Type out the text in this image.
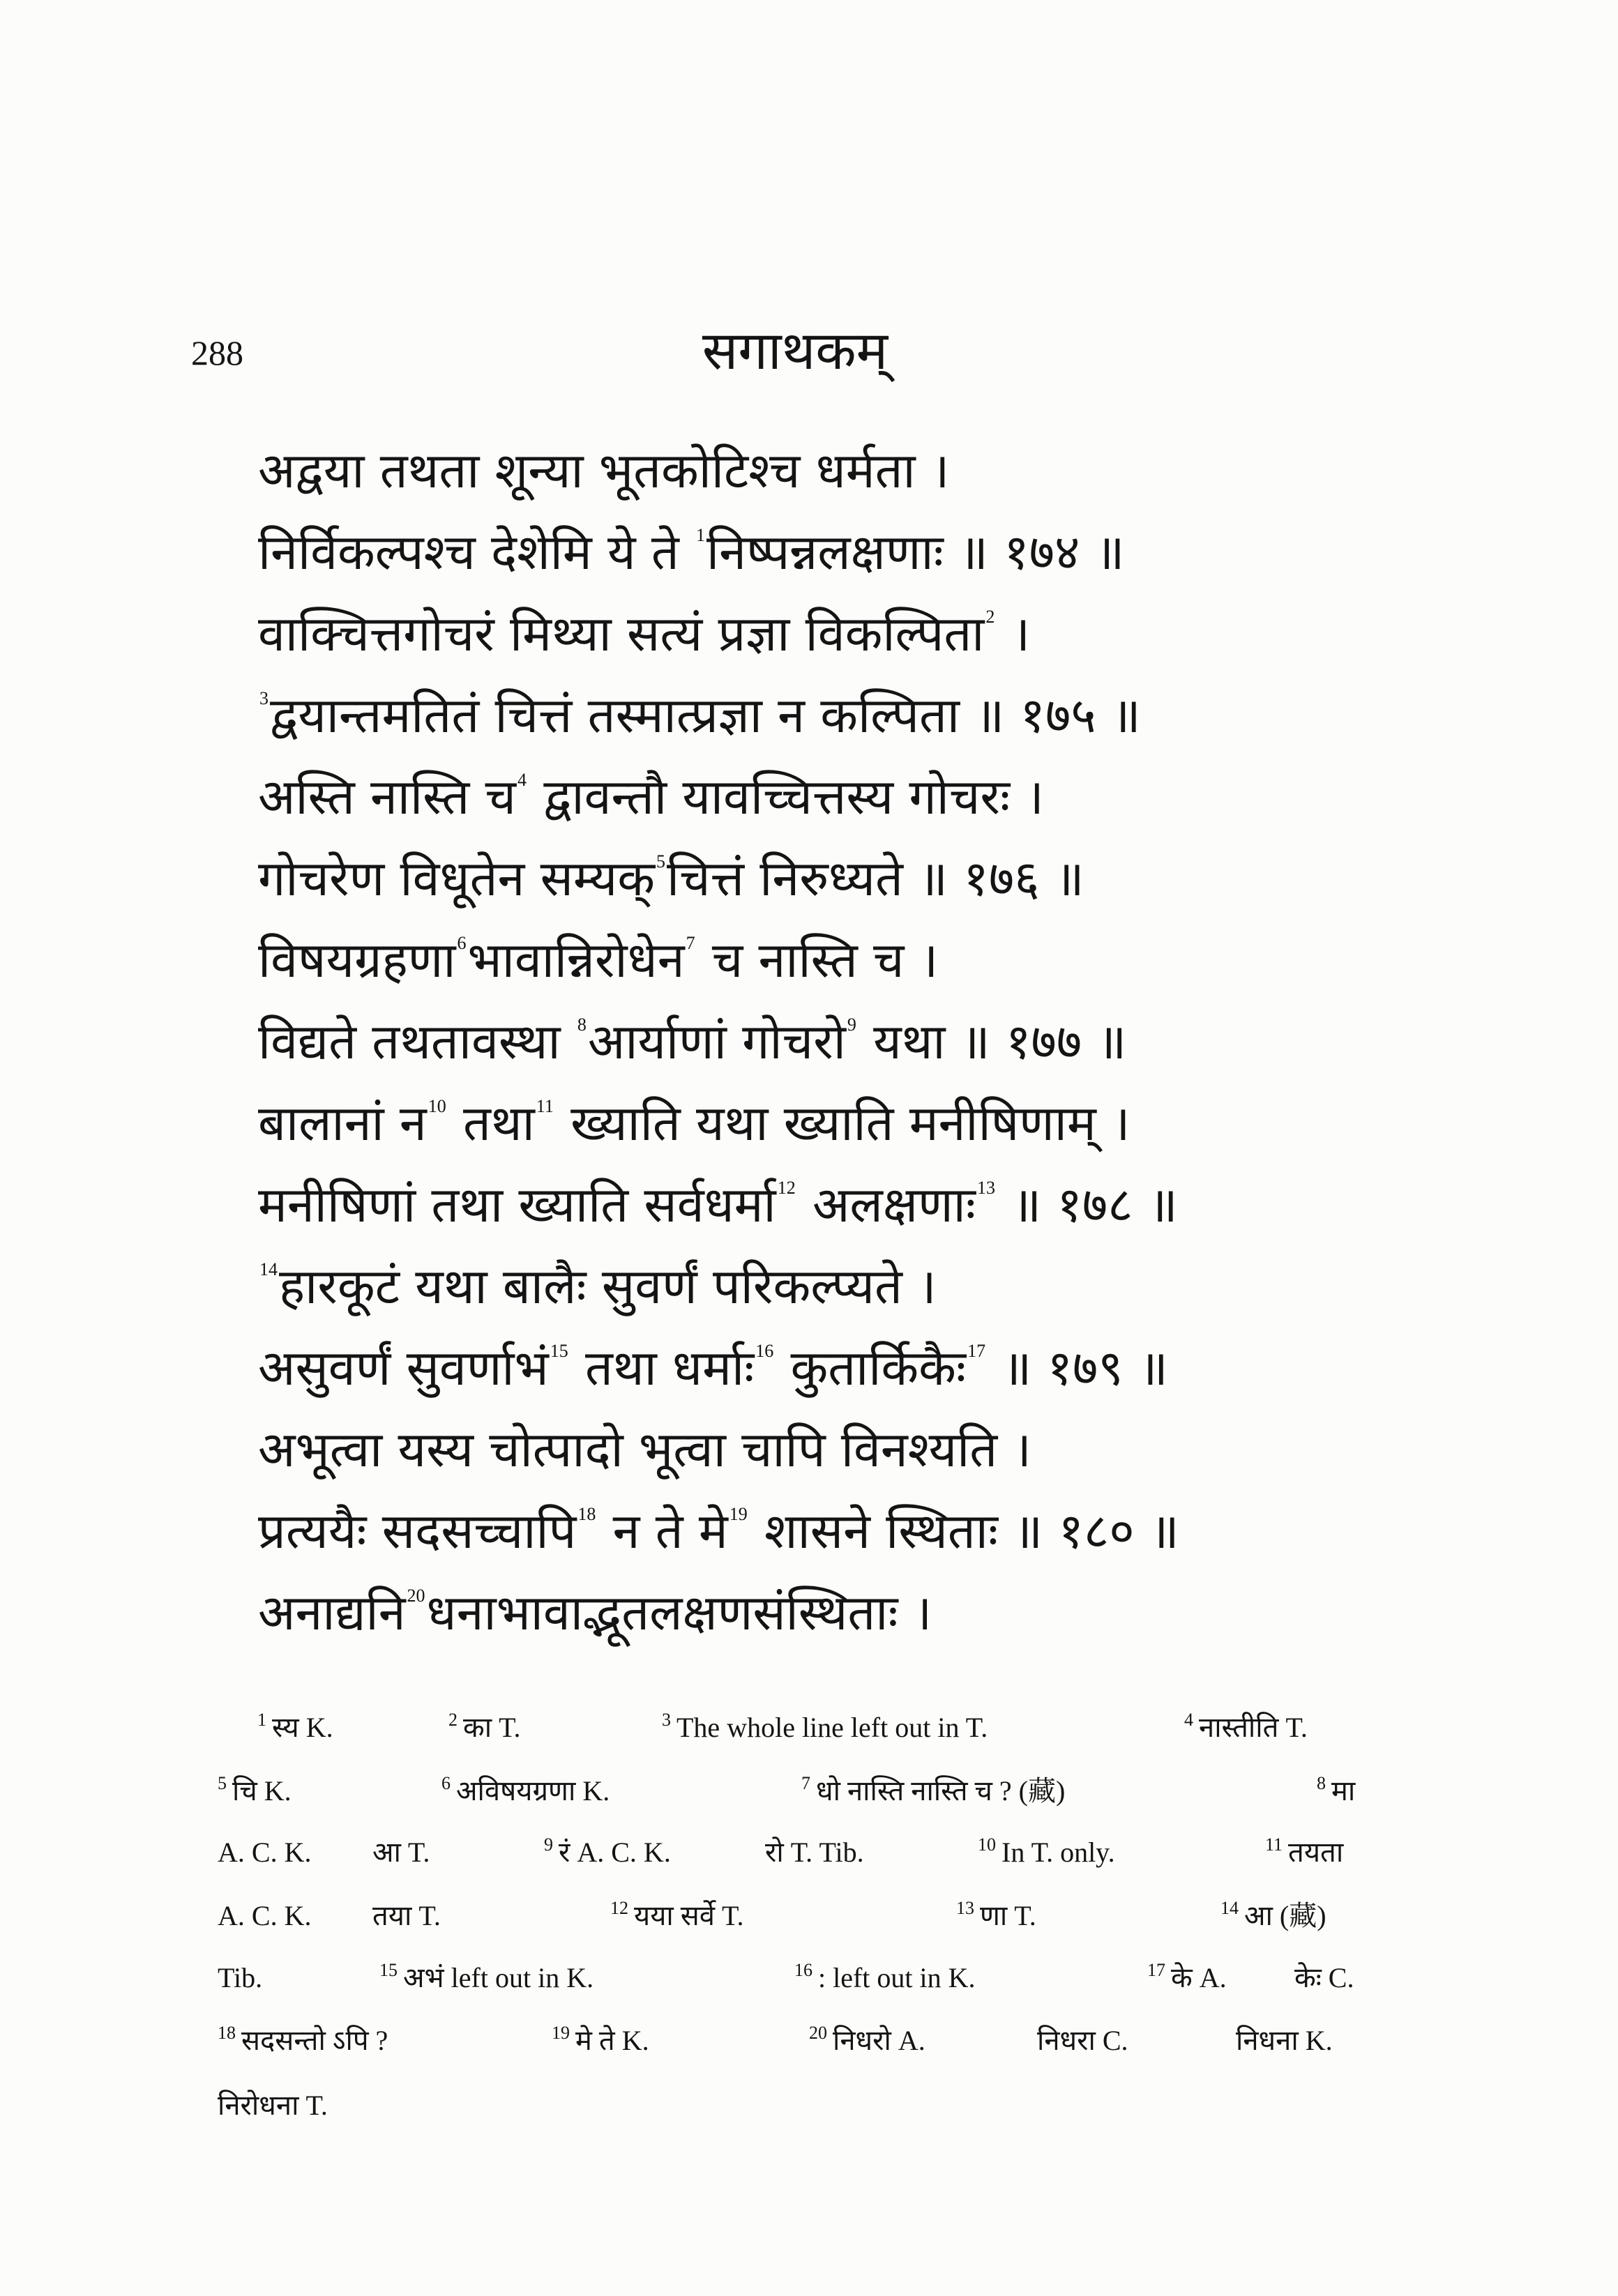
288	सगाथकम्
अद्वया तथता शून्या भूतकोटिश्च धर्मता ।
निर्विकल्पश्च देशेमि ये ते $^1$निष्पन्नलक्षणाः ॥ १७४ ॥
वाक्चित्तगोचरं मिथ्या सत्यं प्रज्ञा विकल्पिता$^2$ ।
$^3$द्वयान्तमतितं चित्तं तस्मात्प्रज्ञा न कल्पिता ॥ १७५ ॥
अस्ति नास्ति च$^4$ द्वावन्तौ यावच्चित्तस्य गोचरः ।
गोचरेण विधूतेन सम्यक्$^5$चित्तं निरुध्यते ॥ १७६ ॥
विषयग्रहणा$^6$भावान्निरोधेन$^7$ च नास्ति च ।
विद्यते तथतावस्था $^8$आर्याणां गोचरो$^9$ यथा ॥ १७७ ॥
बालानां न$^{10}$ तथा$^{11}$ ख्याति यथा ख्याति मनीषिणाम् ।
मनीषिणां तथा ख्याति सर्वधर्मा$^{12}$ अलक्षणाः$^{13}$ ॥ १७८ ॥
$^{14}$हारकूटं यथा बालैः सुवर्णं परिकल्प्यते ।
असुवर्णं सुवर्णाभं$^{15}$ तथा धर्माः$^{16}$ कुतार्किकैः$^{17}$ ॥ १७९ ॥
अभूत्वा यस्य चोत्पादो भूत्वा चापि विनश्यति ।
प्रत्ययैः सदसच्चापि$^{18}$ न ते मे$^{19}$ शासने स्थिताः ॥ १८० ॥
अनाद्यनि$^{20}$धनाभावाद्भूतलक्षणसंस्थिताः ।
$^1$ स्य K.	$^2$ का T.	$^3$ The whole line left out in T.	$^4$ नास्तीति T.
$^5$ चि K.	$^6$ अविषयग्रणा K.	$^7$ धो नास्ति नास्ति च ? (藏)	$^8$ मा
A. C. K. आ T.	$^9$ रं A. C. K.	रो T. Tib.	$^{10}$ In T. only.	$^{11}$ तयता
A. C. K. तया T.	$^{12}$ यया सर्वे T.	$^{13}$ णा T.	$^{14}$ आ (藏)
Tib.	$^{15}$ अभं left out in K.	$^{16}$ : left out in K.	$^{17}$ के A. केः C.
$^{18}$ सदसन्तो ऽपि ?	$^{19}$ मे ते K.	$^{20}$ निधरो A.	निधरा C.	निधना K.
निरोधना T.
